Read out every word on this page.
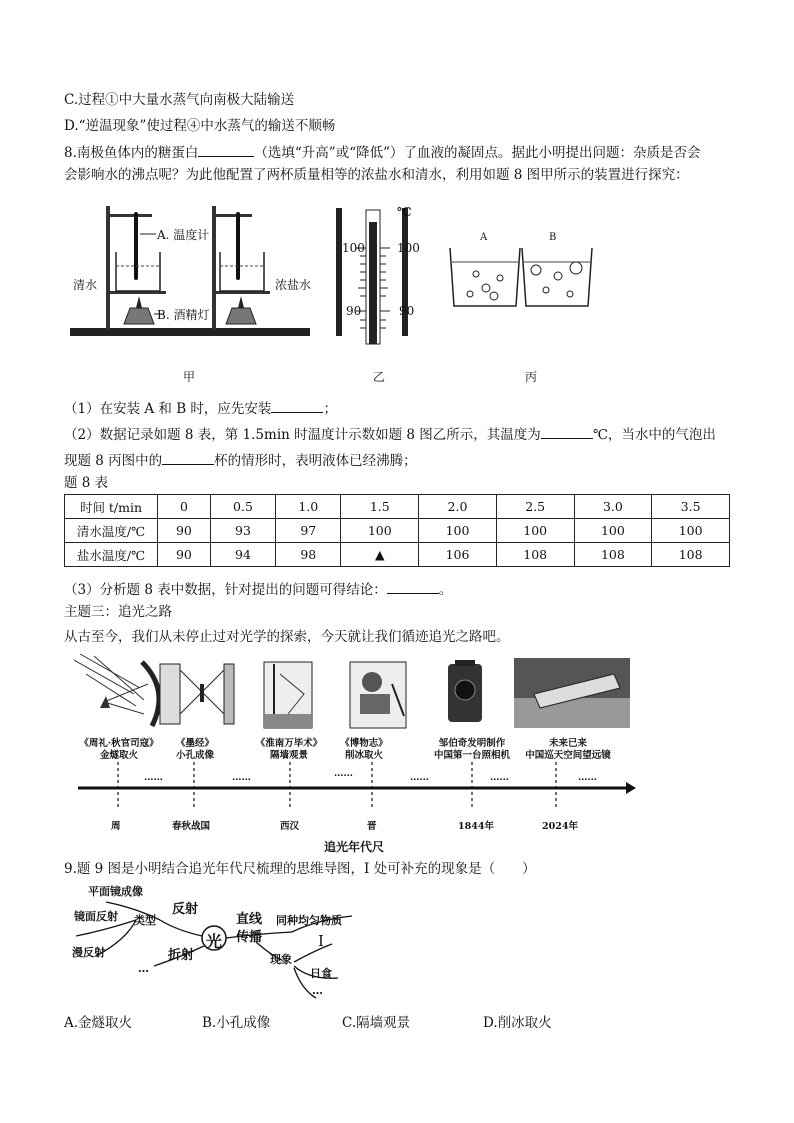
C.过程①中大量水蒸气向南极大陆输送
D.“逆温现象”使过程④中水蒸气的输送不顺畅
8.南极鱼体内的糖蛋白	（选填“升高”或“降低”）了血液的凝固点。据此小明提出问题：杂质是否会
会影响水的沸点呢？为此他配置了两杯质量相等的浓盐水和清水，利用如题 8 图甲所示的装置进行探究：
A. 温度计
B. 酒精灯
清水	浓盐水
℃
100	100
90	90
A	B
甲	乙	丙
（1）在安装 A 和 B 时，应先安装	；
（2）数据记录如题 8 表，第 1.5min 时温度计示数如题 8 图乙所示，其温度为	℃，当水中的气泡出
现题 8 丙图中的	杯的情形时，表明液体已经沸腾；
题 8 表
时间 t/min	0	0.5	1.0	1.5	2.0	2.5	3.0	3.5
清水温度/℃	90	93	97	100	100	100	100	100
盐水温度/℃	90	94	98	▲	106	108	108	108
（3）分析题 8 表中数据，针对提出的问题可得结论：	。
主题三：追光之路
从古至今，我们从未停止过对光学的探索，今天就让我们循迹追光之路吧。
《周礼·秋官司寇》
金燧取火
《墨经》
小孔成像
《淮南万毕术》
隔墙观景
《博物志》
削冰取火
邹伯奇发明制作
中国第一台照相机
未来已来
中国巡天空间望远镜
……	……	……	……	……	……
周	春秋战国	西汉	晋	1844年	2024年
追光年代尺
9.题 9 图是小明结合追光年代尺梳理的思维导图，I 处可补充的现象是（　　）
光
平面镜成像
镜面反射
漫反射
类型
反射
折射
…
直线
传播
同种均匀物质
现象
I
日食
…
A.金燧取火	B.小孔成像	C.隔墙观景	D.削冰取火
